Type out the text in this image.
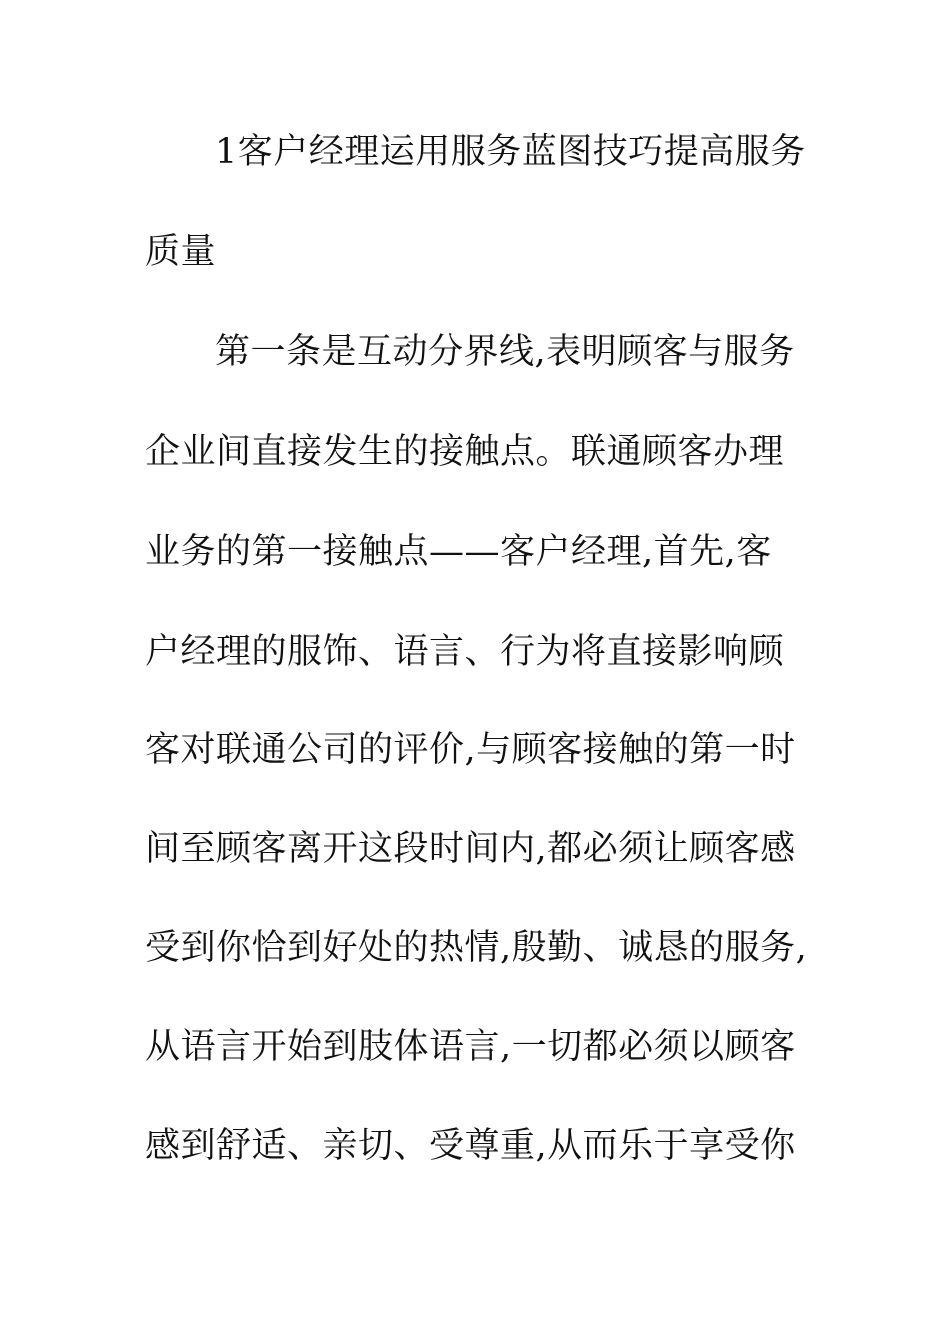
1客户经理运用服务蓝图技巧提高服务
质量
第一条是互动分界线,表明顾客与服务
企业间直接发生的接触点。联通顾客办理
业务的第一接触点——客户经理,首先,客
户经理的服饰、语言、行为将直接影响顾
客对联通公司的评价,与顾客接触的第一时
间至顾客离开这段时间内,都必须让顾客感
受到你恰到好处的热情,殷勤、诚恳的服务,
从语言开始到肢体语言,一切都必须以顾客
感到舒适、亲切、受尊重,从而乐于享受你
